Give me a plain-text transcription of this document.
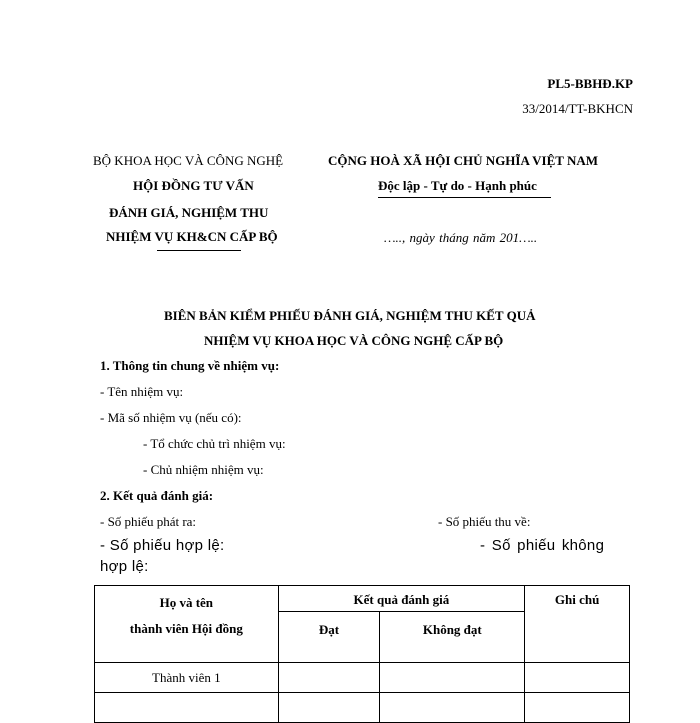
PL5-BBHĐ.KP
33/2014/TT-BKHCN
BỘ KHOA HỌC VÀ CÔNG NGHỆ
HỘI ĐỒNG TƯ VẤN
ĐÁNH GIÁ, NGHIỆM THU
NHIỆM VỤ KH&CN CẤP BỘ
CỘNG HOÀ XÃ HỘI CHỦ NGHĨA VIỆT NAM
Độc lập - Tự do - Hạnh phúc
….., ngày tháng năm 201…..
BIÊN BẢN KIỂM PHIẾU ĐÁNH GIÁ, NGHIỆM THU KẾT QUẢ
NHIỆM VỤ KHOA HỌC VÀ CÔNG NGHỆ CẤP BỘ
1. Thông tin chung về nhiệm vụ:
- Tên nhiệm vụ:
- Mã số nhiệm vụ (nếu có):
- Tổ chức chủ trì nhiệm vụ:
- Chủ nhiệm nhiệm vụ:
2. Kết quả đánh giá:
- Số phiếu phát ra:	- Số phiếu thu về:
- Số phiếu hợp lệ:	- Số phiếu không
hợp lệ:
Họ và tên
thành viên Hội đồng	Kết quả đánh giá		Ghi chú
	Đạt	Không đạt	
Thành viên 1			
